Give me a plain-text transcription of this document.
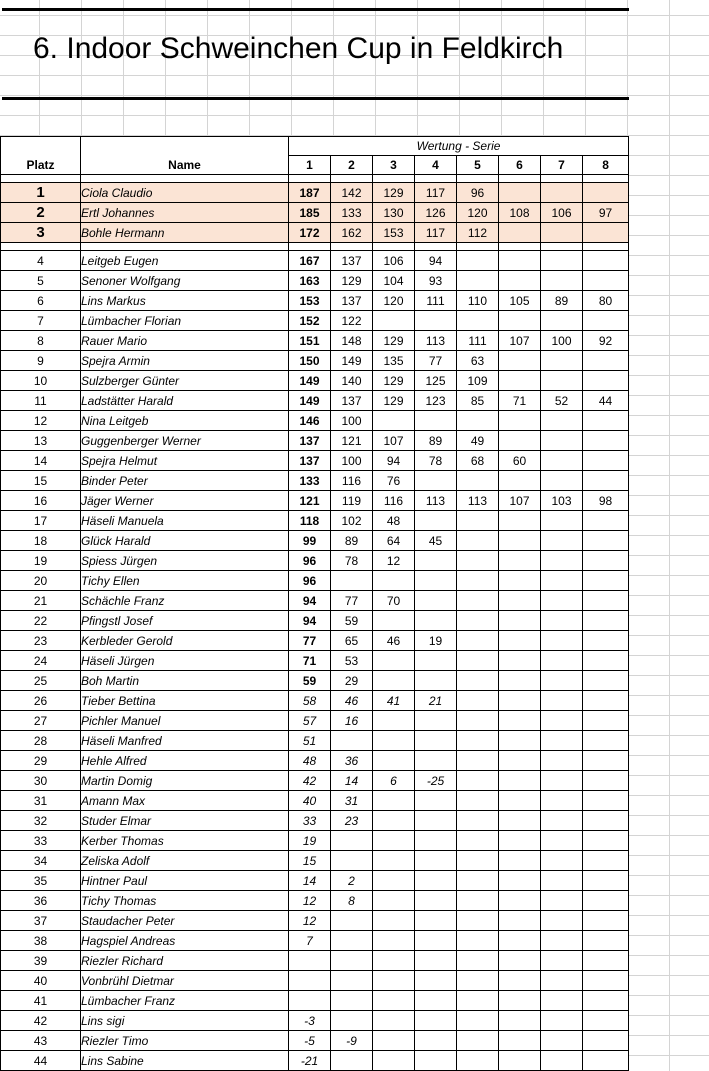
6. Indoor Schweinchen Cup in Feldkirch
Platz	Name	Wertung - Serie							
		1	2	3	4	5	6	7	8

1	Ciola Claudio	187	142	129	117	96			
2	Ertl Johannes	185	133	130	126	120	108	106	97
3	Bohle Hermann	172	162	153	117	112			

4	Leitgeb Eugen	167	137	106	94				
5	Senoner Wolfgang	163	129	104	93				
6	Lins Markus	153	137	120	111	110	105	89	80
7	Lümbacher Florian	152	122						
8	Rauer Mario	151	148	129	113	111	107	100	92
9	Spejra Armin	150	149	135	77	63			
10	Sulzberger Günter	149	140	129	125	109			
11	Ladstätter Harald	149	137	129	123	85	71	52	44
12	Nina Leitgeb	146	100						
13	Guggenberger Werner	137	121	107	89	49			
14	Spejra Helmut	137	100	94	78	68	60		
15	Binder Peter	133	116	76					
16	Jäger Werner	121	119	116	113	113	107	103	98
17	Häseli Manuela	118	102	48					
18	Glück Harald	99	89	64	45				
19	Spiess Jürgen	96	78	12					
20	Tichy Ellen	96							
21	Schächle Franz	94	77	70					
22	Pfingstl Josef	94	59						
23	Kerbleder Gerold	77	65	46	19				
24	Häseli Jürgen	71	53						
25	Boh Martin	59	29						
26	Tieber Bettina	58	46	41	21				
27	Pichler Manuel	57	16						
28	Häseli Manfred	51							
29	Hehle Alfred	48	36						
30	Martin Domig	42	14	6	-25				
31	Amann Max	40	31						
32	Studer Elmar	33	23						
33	Kerber Thomas	19							
34	Zeliska Adolf	15							
35	Hintner Paul	14	2						
36	Tichy Thomas	12	8						
37	Staudacher Peter	12							
38	Hagspiel Andreas	7							
39	Riezler Richard								
40	Vonbrühl Dietmar								
41	Lümbacher Franz								
42	Lins sigi	-3							
43	Riezler Timo	-5	-9						
44	Lins Sabine	-21							
